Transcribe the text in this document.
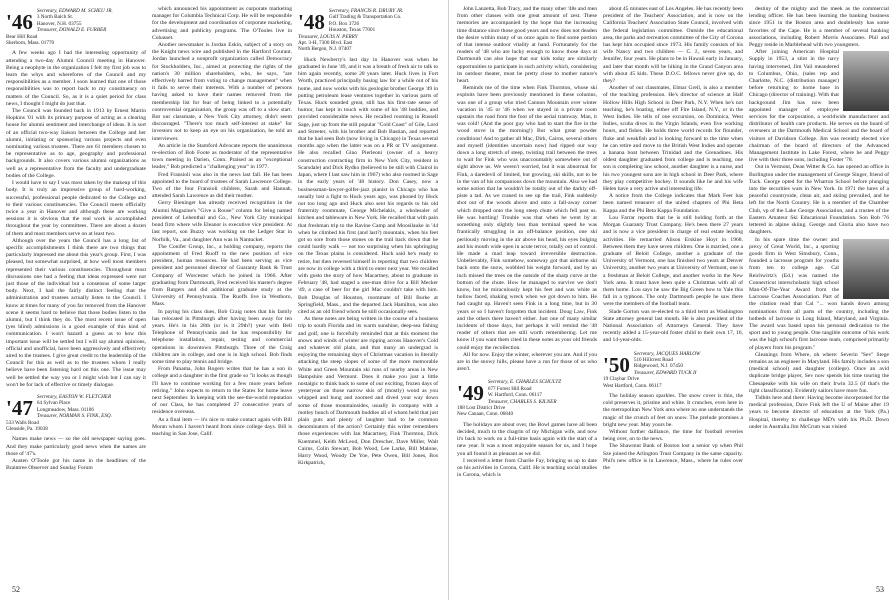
'46 Secretary, EDWARD M. SCHEU JR.
3 North Balch St.
Hanover, N.H. 03755
Treasurer, DONALD E. FURBER
Bear Hill Road
Sherborn, Mass. 01770

A few weeks ago I had the interesting opportunity of attending a two-day Alumni Council meeting in Hanover. Being a neophyte in the organization I felt my first job was to learn the whys and wherefores of the Council and my responsibilities as a member. I soon learned that one of those responsibilities was to report back to my constituency on matters of the Council. So, as it is a quiet period for class news, I thought I might do just that.

The Council was founded back in 1913 by Ernest Martin Hopkins '01 with its primary purpose of acting as a clearing house for alumni sentiment and interchange of ideas. It is sort of an official two-way liaison between the College and her alumni, initiating or sponsoring various projects and even nominating various trustees. There are 61 members chosen to be representative as to age, geography and professional backgrounds. It also covers various alumni organizations as well as a representative from the faculty and undergraduate bodies of the College.

I would have to say I was most taken by the makeup of this body. It is truly an impressive group of hard-working, successful, professional people dedicated to the College and to their various constituencies. The Council meets officially twice a year in Hanover and although these are working sessions it is obvious that the real work is accomplished throughout the year by committees. There are about a dozen of them and most members serve on at least two.

Although over the years the Council has a long list of specific accomplishments I think there are two things that particularly impressed me about this year's group. First, I was pleased, but somewhat surprised, at how well most members represented their various constituencies. Throughout most discussions one had a feeling that ideas expressed were not just those of the individual but a consensus of some larger body. Next, I had the fairly distinct feeling that the administration and trustees actually listen to the Council. I know at times for many of you far removed from the Hanover scene it seems hard to believe that those bodies listen to the alumni, but I think they do. The most recent issue of open (yes blind) admissions is a good example of this kind of communication. I won't hazard a guess as to how this important issue will be settled but I will say alumni opinions, official and unofficial, have been aggressively and effectively aired to the trustees. I give great credit to the leadership of the Council for this as well as to the trustees whom I really believe have been listening hard on this one. The issue may well be settled the way you or I might wish but I can say it won't be for lack of effective or timely dialogue.

'47 Secretary, EASTON W. FLETCHER
64 Sylvan Place
Longmeadow, Mass. 01106
Treasurer, NORMAN S. FINK, ESQ.
533 Walls Road
Glenside, Pa. 19038

Names make news — so the old newspaper saying goes. And they make particularly good news when the names are those of '47's.

Austen O'Toole got his name in the headlines of the Braintree Observer and Sunday Forum

which announced his appointment as corporate marketing manager for Columbia Technical Corp. He will be responsible for the development and coordination of corporate marketing, advertising and publicity programs. The O'Tooles live in Cohasset.

Another newsmaker is Jordan Eskin, subject of a story on the Knight news wire and published in the Hartford Courant. Jordan launched a nonprofit organization called Democracy for Stockholders, Inc., aimed at protecting the rights of the nation's 30 million shareholders, who, he says, "are effectively barred from voting to change management" when it fails to serve their interests. With a number of persons having asked to have their names removed from the membership list for fear of being linked to a potentially controversial organization, the group was off to a slow start. But our classmate, a New York City attorney, didn't seem discouraged. "There's too much self-interest at stake" for investors not to keep an eye on his organization, he told an interviewer.

An article in the Stamford Advocate reports the unanimous re-election of Bob Foote as moderator of the representative town meeting in Darien, Conn. Praised as an "exceptional leader," Bob predicted a "challenging year" in 1977.

Fred Fransioli was also in the news last fall. He has been appointed to the board of trustees of Sarah Lawrence College. Two of the four Fransioli children, Sarah and Hannah, attended Sarah Lawrence as did their mother.

Gerry Bieninger has already received recognition in the Alumni Magazine's "Give a Rouse" column for being named president of Lehenthal and Co., New York City municipal bond firm where wife Eleanor is executive vice president. At last report, son Buzzy was working on the Ledger Star in Norfolk, Va., and daughter Ann was in Nantucket.

The Conifer Group, Inc., a holding company, reports the appointment of Fred Ruoff to the new position of vice president, human resources. He had been serving as vice president and personnel director of Guaranty Bank & Trust Company of Worcester which he joined in 1966. After graduating from Dartmouth, Fred received his master's degree from Rutgers and did additional graduate study at the University of Pennsylvania. The Ruoffs live in Westboro, Mass.

In paying his class dues, Bob Craig notes that his family has relocated in Pittsburgh after having been away for ten years. He's in his 28th (or is it 29th?) year with Bell Telephone of Pennsylvania and he has responsibility for telephone installation, repair, testing and commercial operations in downtown Pittsburgh. Three of the Craig children are in college, and one is in high school. Bob finds some time to play tennis and bridge.

From Panama, John Rogers writes that he has a son in college and a daughter in the first grade so "it looks as though I'll have to continue working for a few more years before retiring." John expects to return to the States for home leave next September. In keeping with the see-the-world reputation of our Class, he has completed 27 consecutive years of residence overseas.

As a final item — it's nice to make contact again with Bill Moran whom I haven't heard from since college days. Bill is teaching in San Jose, Calif.

'48 Secretary, FRANCIS R. DRURY JR.
Gulf Trading & Transportation Co.
P.O. Box 3726
Houston, Texas 77001
Treasurer, LOUIS N. PERRY
Apt. 3-H, 7300 Blvd. East
North Bergen, N.J. 07407

Huck Newberry's last day in Hanover was when he graduated in June '49, and it was a breath of fresh air to talk to him again recently, some 28 years later. Huck lives in Fort Worth, practiced principally basing law for a while out of his home, and now works with his geologist brother George '49 in putting petroleum lease ventures together in various parts of Texas. Huck sounded great, still has his first-rate sense of humor, has kept in touch with some of his '48 buddies, and provided considerable news. He recalled rooming in Russell Sage, just up from the still popular "Cold Coast" of Gile, Lord and Streeter, with his brother and Bob Bastian, and reported that he had seen Bob (now living in Chicago) in Texas several months ago when the latter was on a PR or TV assignment. He also recalled Gino Pierleoni (owner of a heavy construction contracting firm in New York City, resident in Scarsdale) and Dick Rydko (believed to be still with Clairol in Japan, where I last saw him in 1967) who also roomed in Sage in the early years of '48 history. Don Casey, now a businessman-lawyer-golfer-jazz pianist in Chicago who has usually lost a fight to Huck years ago, was phoned by Huck not too long ago and Huck also sent his regards to his old fraternity roommate, George Michelakis, a wholesaler of kitchen and tableware in New York. He recalled that with pain that freshman trip to the Ravine Camp and Moosilauke in '44 when he climbed his first (and last?) mountain, when his feet got so sore from those stones on the trail back down that he could hardly walk — not too surprising when his upbringing on the Texas plains is considered. Huck said he's ready to retire, but then reversed himself in reporting that two children are now in college with a third to enter next year. We recalled with gusto the story of how Macartney, about to graduate in February '48, had staged a one-man drive for a Bill Mecker '49, a case of beer for the girl Mac couldn't take with him. Bob Douglas of Houston, roommate of Bill Burke at Springfield, Mass., and the departed Jack Hamilton, was also cited as an old friend whom he still occasionally sees.

As these notes are being written in the course of a business trip to south Florida and its warm sunshine, deep-sea fishing and golf, one is forcefully reminded that at this moment the snows and winds of winter are ripping across Hanover's Cold and whatever old plain, and that many an undergrad is enjoying the remaining days of Christmas vacation in literally attacking the steep slopes of some of the more memorable White and Green Mountain ski runs of nearby areas in New Hampshire and Vermont. Does it make you just a little nostalgic to think back to some of our exciting, frozen days of yesteryear on those narrow skis of (mostly) wood as you whipped and hung and zoomed and dived your way down some of those mountainsides, usually in company with a motley bunch of Dartmouth buddies all of whom held that just plain guts and plenty of laughter had to be common denominators of the action? Certainly this writer remembers those experiences with Ian Macartney, Fink Thornton, Dick Kuemmel, Keith McLeod, Don Drescher, Dave Miller, Walt Cairns, Colin Stewart, Bob Wood, Lee Larke, Bill Malone, Harry Wood, Woody De Yoe, Pete Owen, Bill Jones, Bos Kirkpatrick,

52

John Lanzetta, Bob Tracy, and the many other '48s and men from other classes with one great amount of zest. These memories are accompanied by the hope that the increasing time distance since those good years and now does not deaden the desire within many of us once again to find some portion of that intense outdoor vitality at hand. Fortunately for the readers of '48 who are lucky enough to know those days at Dartmouth can also hope that our kids today are similarly opportunities to participate in such activity which, considering its outdoor theater, must be pretty close to mother nature's heart.

Reminds me of the time when Fink Thornton, whose ski exploits have been previously mentioned in these columns, was one of a group who tried Cannon Mountain over winter vacation in '45 or '46 when we stayed in a private room upstairs the road from the foot of the aerial tramway. Man, it was cold! (And the poor guy who had to start the fire in the wood stove in the morning!) But what great powder conditions! And to gather all Mac, Dirk, Cairns, several others and myself (identities uncertain now) had ripped our way down a long stretch of steep, twisting trail between the trees to wait for Fink who was unaccountably somewhere out of sight above us. We weren't worried, but it was abnormal for Fink, a daredevil of limited, but growing, ski skills, not to be in the van of his companions down the mountain. Also we had some notion that he wouldn't be totally out of the darkly off-piste a tad. As we craned to see up the trail, Fink suddenly shot out of the woods above and onto a fall-away corner which dropped onto the long steep chute which fell past us. He was hurtling! Trouble was that when he went by at something only slightly less than terminal speed he was frantically struggling in an off-balance position, one ski perilously moving in the air above his head, his eyes bulging and his mouth wide open in acute terror, totally out of control. He made a mad leap toward irreversible destruction. Unbelievably, Fink somehow, someway got that airborne ski back onto the snow, wobbled his weight forward, and by an inch missed the trees on the outside of the sharp curve at the bottom of the chute. How he managed to survive we don't know, but he miraculously kept his feet and was white as hollow faced, shaking wreck when we got down to him. He had caught up. Haven't seen Fink in a long time, but in 30 years or so I haven't forgotten that incident. Doug Law, Fink and the others there haven't either. Just one of many similar incidents of those days, but perhaps it will remind the '48 reader of others that are still worth remembering. Let me know if you want them cited in these notes as your old friends could enjoy the recollection.

All for now. Enjoy the winter, wherever you are. And if you are in the snowy hills, please have a run for those of us who aren't.

'49 Secretary, E. CHARLES SCHULTZ
677 Forest Hill Road
W. Hartford, Conn. 06117
Treasurer, CHARLES S. KILNER
188 Lost District Drive
New Canaan, Conn. 06840

The holidays are about over, the Bowl games have all been decided, much to the chagrin of my Michigan wife, and now it's back to work on a full-time basis again with the start of a new year. It was a most enjoyable season for us, and I hope you all found it as pleasant as we did.

I received a letter from Charlie Fay, bringing us up to date on his activities in Corona, Calif. He is teaching social studies in Corona, which is

about 45 minutes east of Los Angeles. He has recently been president of the Teachers' Association, and is now on the California Teachers' Association State Council, involved with the federal legislation committee. Outside the educational area, the parks and recreation committee of the City of Corona has kept him occupied since 1973. His family consists of his wife Nancy and two children — C. J., seven years, and Jennifer, four years. He plans to be in Hawaii early in January, and later that month will be hiking in the Grand Canyon area with about 45 kids. These D.O.C. fellows never give up, do they?

Another of our classmates, Elmar Grell, is also a member of the teaching profession. He's director of science at Half Hollow Hills High School in Deer Park, N.Y. When he's not teaching, he's boating, either off Fire Island, N.Y., or in the West Indies. He tells of one excursion, on Dominica, West Indies, scuba dives in the Virgin Islands, even five working hours, and fishes. He holds three world records for flounder, fluke and weakfish and is looking forward to the time when he can retire and move to the British West Indies and operate a banana boat between Trinidad and the Grenadines. His oldest daughter graduated from college and is teaching, one son is completing law school, another daughter is a nurse, and his two youngest sons are in high school in Deer Park, where they play competitive hockey. It sounds like he and his wife Helen have a very active and interesting life.

A notice from the College indicates that Mark Feer has been named treasurer of the united chapters of Phi Beta Kappa and the Phi Beta Kappa Foundation.

Lou Farrar reports that he is still holding forth at the Morgan Guaranty Trust Company. He's been there 27 years and is now a vice president in charge of real estate lending activities. He remarried Alison Erskine Hoyt in 1968. Between them they have seven children. One is married, one a graduate of Beloit College, another a graduate of the University of Vermont, one has finished two years at Denver University, another two years at University of Vermont, one is a freshman at Beloit College, and another works in the New York area. It must have been quite a Christmas with all of them home. Lou says he saw the Big Green bow to Yale this fall in a typhoon. The only Dartmouth people he saw there were the members of the football team.

Slade Gorton was re-elected to a third term as Washington State attorney general last month. He is also president of the National Association of Attorneys General. They have recently added a 15-year-old foster child to their own 17, 16, and 14-year-olds.

'50 Secretary, JACQUES HARLOW
510 Hillcrest Road
Ridgewood, N.J. 07450
Treasurer, EDWARD TUCK II
19 Claybar Drive
West Hartford, Conn. 06117

The holiday season sparkles. The snow cover is thin, the cold preserves it, pristine and white. It crunches, even here in the metropolitan New York area where no one understands the magic of the crunch of feet on snow. The prelude promises a bright new year. May yours be.

Without further dalliance, the time for football reveries being over, on to the news.

The Shawmut Bank of Boston lost a senior vp when Phil Sze joined the Arlington Trust Company in the same capacity. Phil's new office is in Lawrence, Mass., where he rules over the

destiny of the mighty and the meek as the commercial lending officer. He has been learning the banking business since 1951 in the Boston area and doubtlessly has some favorites of the Cape. He is a member of several banking associations, including Robert Morris Associates. Phil and Peggy reside in Marblehead with two youngsters.

After joining American Hospital Supply in 1953, a stint in the navy having intervened, Jim Vail meandered to Columbus, Ohio, (sales rep and Charlotte, N.C. (distribution manager) before returning to home base in Chicago (director of training). With that background Jim has now been appointed manager of employee services for the corporation, a worldwide manufacturer and distributor of health care products. He serves on the board of overseers at the Dartmouth Medical School and the board of visitors of Davidson College. Jim was recently elected vice chairman of the board of directors of the Advanced Management Institute in Lake Forest, where he and Peggy live with their three sons, including Foster '78.

Out in Vermont, Dean Witter & Co. has opened an office in Burlington under the management of George Singer, friend of Tuck. George opted for the Wharton School before plunging into the securities wars in New York. In 1971 the lures of a peaceful countryside, clean air, and skiing prevailed, and he left for the North Country. He is a member of the Chamber Club, vp of the Lake George Association, and a trustee of the Eastern Amateur Ski Educational Foundation. Son Bob '76 lettered in alpine skiing. George and Gloria also have two daughters.

In his spare time the owner and prexy of Great World, Inc., a sporting goods firm in West Simsbury, Conn., founded a lacrosse program for youths from ten to college age. Cal Reichwirtz's (Ed.) was named the Connecticut interscholastic high school Man-Of-The-Year Award from the Lacrosse Coaches Association. Part of the citation read that Cal "... won hands down among nominations from all parts of the country, including the hotbeds of lacrosse in Long Island, Maryland, and Virginia. The award was based upon his personal dedication to the sport and to young people. One tangible outcome of his work was the high school's first lacrosse team, comprised primarily of players from his program."

Gleanings from Where, oh where: Severin "Sev" Stege remains as an engineer in Maryland. His family includes a son (medical school) and daughter (college). Once an avid duplicate bridge player, Sev now spends his time touring the Chesapeake with his wife on their Irwin 32.5 (if that's the right classification). Evidently sailors have more fun.

Tidbits here and there: Having become incorporated for the medical profession, Dave Fink left the U of Maine after 19 years to become director of education at the York (Pa.) Hospital, thereby to challenge MD's with his Ph.D. Down under in Australia Jim McCrum was visited

53
